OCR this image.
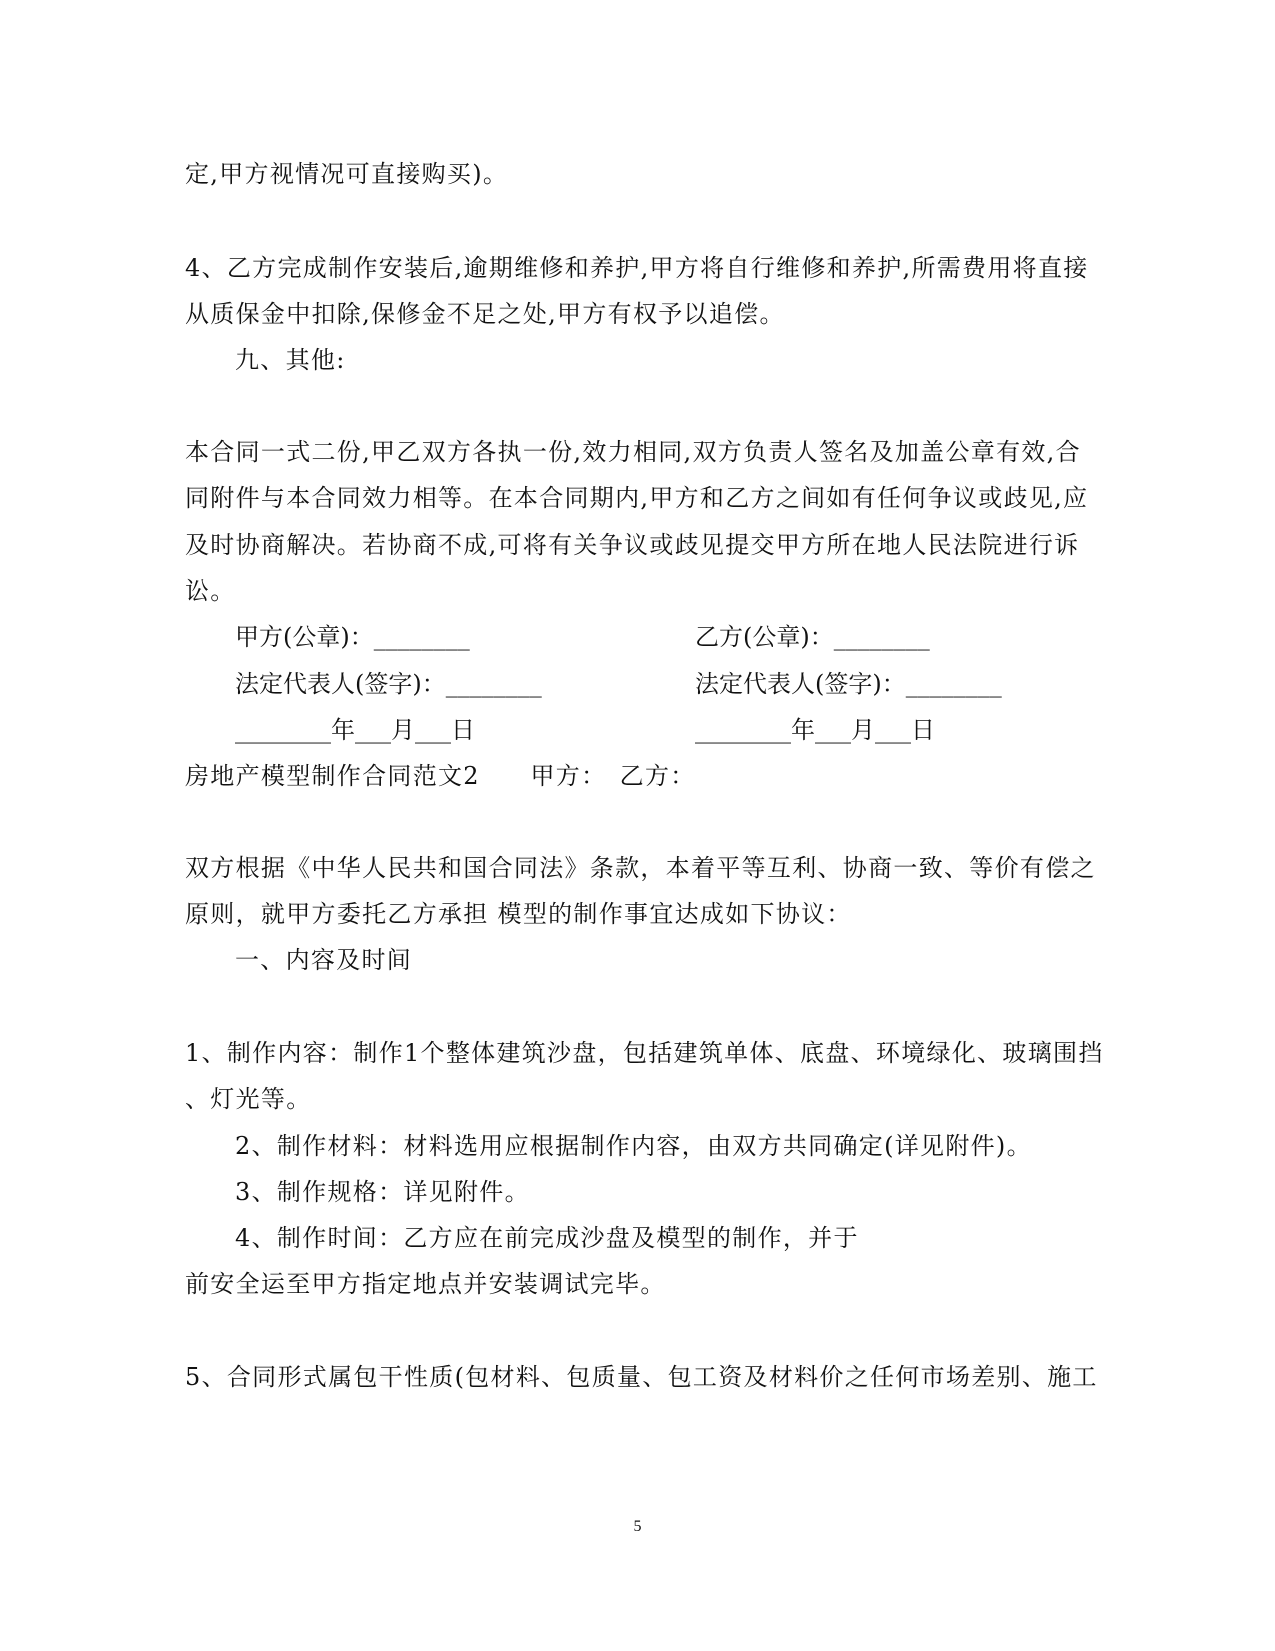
定,甲方视情况可直接购买)。
4、乙方完成制作安装后,逾期维修和养护,甲方将自行维修和养护,所需费用将直接
从质保金中扣除,保修金不足之处,甲方有权予以追偿。
九、其他:
本合同一式二份,甲乙双方各执一份,效力相同,双方负责人签名及加盖公章有效,合
同附件与本合同效力相等。在本合同期内,甲方和乙方之间如有任何争议或歧见,应
及时协商解决。若协商不成,可将有关争议或歧见提交甲方所在地人民法院进行诉
讼。
甲方(公章)：________	乙方(公章)：________
法定代表人(签字)：________	法定代表人(签字)：________
________年___月___日	________年___月___日
房地产模型制作合同范文2　　甲方：　乙方：
双方根据《中华人民共和国合同法》条款，本着平等互利、协商一致、等价有偿之
原则，就甲方委托乙方承担 模型的制作事宜达成如下协议：
一、内容及时间
1、制作内容：制作1个整体建筑沙盘，包括建筑单体、底盘、环境绿化、玻璃围挡
、灯光等。
2、制作材料：材料选用应根据制作内容，由双方共同确定(详见附件)。
3、制作规格：详见附件。
4、制作时间：乙方应在前完成沙盘及模型的制作，并于
前安全运至甲方指定地点并安装调试完毕。
5、合同形式属包干性质(包材料、包质量、包工资及材料价之任何市场差别、施工
5
